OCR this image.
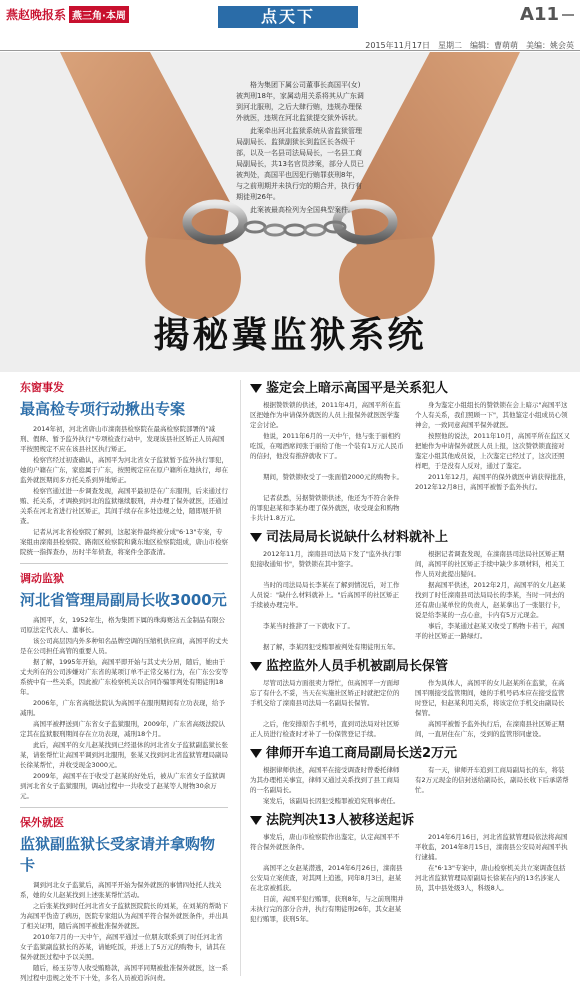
燕赵晚报系 燕三角·本周	点天下	A11
2015年11月17日　星期二　编辑：曹萌萌　美编：姚会英

格为集团下属公司董事长高国平(女)被判刑18年，家属动用关系将其从广东调到河北服刑，之后大肆行贿，违规办理保外就医，违规在河北监狱提交狱外诉状。

此案牵出河北监狱系统从省监狱管理局副局长、监狱副狱长到监区长各级干部，以及一名县司法局局长，一名县工商局副局长，共13名官员涉案，部分人员已被判处，高国平也因犯行贿罪获刑8年，与之前刑期并未执行完的期合并，执行有期徒刑26年。

此案被最高检列为全国典型案件。

揭秘冀监狱系统
东窗事发
最高检专项行动揪出专案

2014年初，河北省唐山市滦南县检察院在最高检察院部署的"减刑、假释、暂予监外执行"专项检查行动中，发现该县社区矫正人员高国平按照规定不应在该县社区执行矫正。

检察官经过初查确认，高国平为河北省女子监狱暂予监外执行罪犯，她的户籍在广东，家庭属于广东，按照规定应在原户籍所在地执行，却在监外就医期间多方托关系到异地矫正。

检察官通过进一步调查发现，高国平最初是在广东服刑，后来通过行贿、托关系，才调换到河北的监狱继续服刑，并办理了保外就医，还通过关系在河北省进行社区矫正，其间手续存在多处违规之处，随即展开侦查。

记者从河北省检察院了解到，这起案件最终被分成"6·13"专案，专案组由滦南县检察院、路南区检察院和冀东地区检察院组成，唐山市检察院统一指挥查办，历时半年侦查，将案件全部查清。

调动监狱
河北省管理局副局长收3000元

高国平，女，1952年生，格为集团下属的珠海赛达五金制品有限公司原法定代表人、董事长。

该公司高层因内外多种知名品牌空调的压缩机供应商，高国平的丈夫是在公司担任高管的重要人员。

据了解，1995年开始，高国平即开始与其丈夫分居，随后，她由于丈夫所在的公司涉嫌对广东省的某项订单不正常交易行为，在广东公安等系统中有一些关系，因此被广东检察机关以合同诈骗罪判处有期徒刑18年。

2006年，广东省高级法院认为高国平在服刑期间有立功表现，给予减刑。

高国平被押送到广东省女子监狱服刑，2009年，广东省高级法院认定其在监狱服刑期间存在立功表现，减刑18个月。

此后，高国平的女儿赵某找到已经退休的河北省女子监狱副监狱长张某，请张帮忙让高国平调到河北服刑，张某又找到河北省监狱管理局副局长徐某帮忙，并收受现金3000元。

2009年，高国平在于收受了赵某的好处后，被从广东省女子监狱调到河北省女子监狱服刑，调动过程中一共收受了赵某等人财物30余万元。

保外就医
监狱副监狱长受家请并拿购物卡

调到河北女子监狱后，高国平开始为保外就医的事情四处托人找关系，她的女儿赵某找到上述张某帮忙活动。

之后张某找到时任河北省女子监狱医院院长的刘某，在刘某的帮助下为高国平伪造了病历，医院专家组认为高国平符合保外就医条件，并出具了相关证明，随后高国平被批准保外就医。

2010年7月的一天中午，高国平通过一位朋友联系到了时任河北省女子监狱副监狱长的苏某，请她吃饭，并送上了5万元的购物卡，请其在保外就医过程中予以关照。

随后，杨玉芬等人收受贿赂款，高国平同期被批准保外就医，这一系列过程中违规之处不下十处，多名人员被追诉问责。

鉴定会上暗示高国平是关系犯人

根据赞铁锁的供述，2011年4月，高国平所在监区把她作为申请保外就医的人员上报保外就医医学鉴定会讨论。

身为鉴定小组组长的赞铁锁在会上暗示"高国平这个人有关系，我们照顾一下"，其他鉴定小组成员心领神会，一致同意高国平保外就医。

他说，2011年6月的一天中午，他与张于丽相约吃饭，在喝酒席间张于丽给了他一个装有1万元人民币的信封，他没有推辞就收下了。

按照他的说法，2011年10月，高国平所在监区又把她作为申请保外就医人员上报，这次赞铁锁直接对鉴定小组其他成员说，上次鉴定已经过了，这次还照样吧，于是没有人反对，通过了鉴定。

期间，赞铁锁收受了一张面值2000元的购物卡。	2011年12月，高国平的保外就医申请获得批准，2012年12月8日，高国平被暂予监外执行。

记者获悉，另据赞铁锁供述，他还为不符合条件的罪犯赵某和李某办理了保外就医，收受现金和购物卡共计1.8万元。

司法局局长说缺什么材料就补上

2012年11月，滦南县司法局下发了"监外执行罪犯接收通知书"，赞铁锁在其中签字。

根据记者调查发现，在滦南县司法局社区矫正期间，高国平的社区矫正手续中缺少多项材料，相关工作人员对此提出疑问。

当时的司法局局长李某在了解到情况后，对工作人员说："缺什么材料就补上。"后高国平的社区矫正手续被办理完毕。

据高国平供述，2012年2月，高国平的女儿赵某找到了时任滦南县司法局局长的李某，当时一同去的还有唐山某单位的负责人，赵某拿出了一张银行卡，说是给李某的一点心意，卡内有5万元现金。

李某当时推辞了一下就收下了。	事后，李某通过赵某又收受了购物卡若干，高国平的社区矫正一路绿灯。

据了解，李某因犯受贿罪被判处有期徒刑五年。

监控监外人员手机被副局长保管

尽管司法局方面很卖力帮忙，但高国平一方面却忘了有什么不妥，当天在实施社区矫正时就把定位的手机交给了滦南县司法局一名副局长保管。

作为具体人，高国平的女儿赵某所在监狱，在高国平刚接受监管期间，她的手机号码本应在接受监管时登记，但赵某利用关系，将该定位手机交由副局长保管。

之后，他安排原告手机号，直到司法局对社区矫正人员进行检查时才补了一份保管登记手续。

高国平被暂予监外执行后，在滦南县社区矫正期间，一直居住在广东，受到的监管形同虚设。

律师开车追工商局副局长送2万元

根据律师供述，高国平在接受调查时曾委托律师为其办理相关事宜，律师又通过关系找到了县工商局的一名副局长。

有一天，律师开车追到工商局副局长的车，将装有2万元现金的信封送给副局长，副局长收下后承诺帮忙。

案发后，该副局长因犯受贿罪被追究刑事责任。

法院判决13人被移送起诉

事发后，唐山市检察院作出鉴定，认定高国平不符合保外就医条件。

2014年6月16日，河北省监狱管理局依法将高国平收监，2014年8月15日，滦南县公安局对高国平执行逮捕。

高国平之女赵某潜逃，2014年6月26日，滦南县公安局立案侦查，对其网上追逃，同年8月3日，赵某在北京被抓获。

在"6·13"专案中，唐山检察机关共立案调查包括河北省监狱管理局原副局长徐某在内的13名涉案人员，其中县处级3人，科级8人。

目前，高国平犯行贿罪，获刑8年，与之前刑期并未执行完的部分合并，执行有期徒刑26年，其女赵某犯行贿罪，获刑5年。
